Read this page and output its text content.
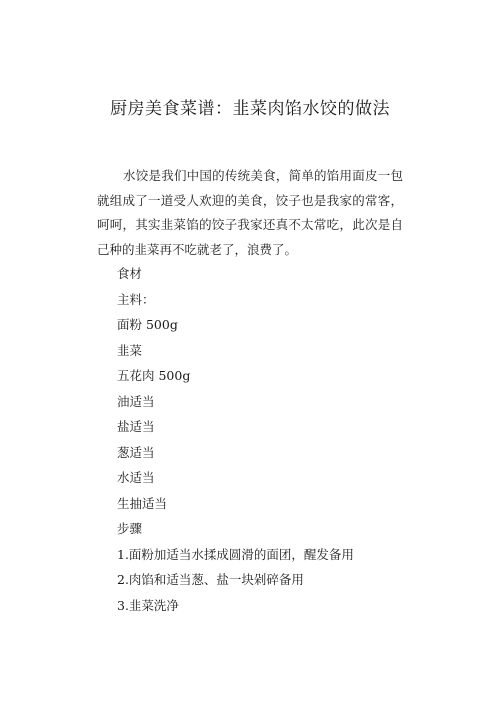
厨房美食菜谱：韭菜肉馅水饺的做法

水饺是我们中国的传统美食，简单的馅用面皮一包就组成了一道受人欢迎的美食，饺子也是我家的常客，呵呵，其实韭菜馅的饺子我家还真不太常吃，此次是自己种的韭菜再不吃就老了，浪费了。

食材
主料：
面粉 500g
韭菜
五花肉 500g
油适当
盐适当
葱适当
水适当
生抽适当
步骤
1.面粉加适当水揉成圆滑的面团，醒发备用
2.肉馅和适当葱、盐一块剁碎备用
3.韭菜洗净
